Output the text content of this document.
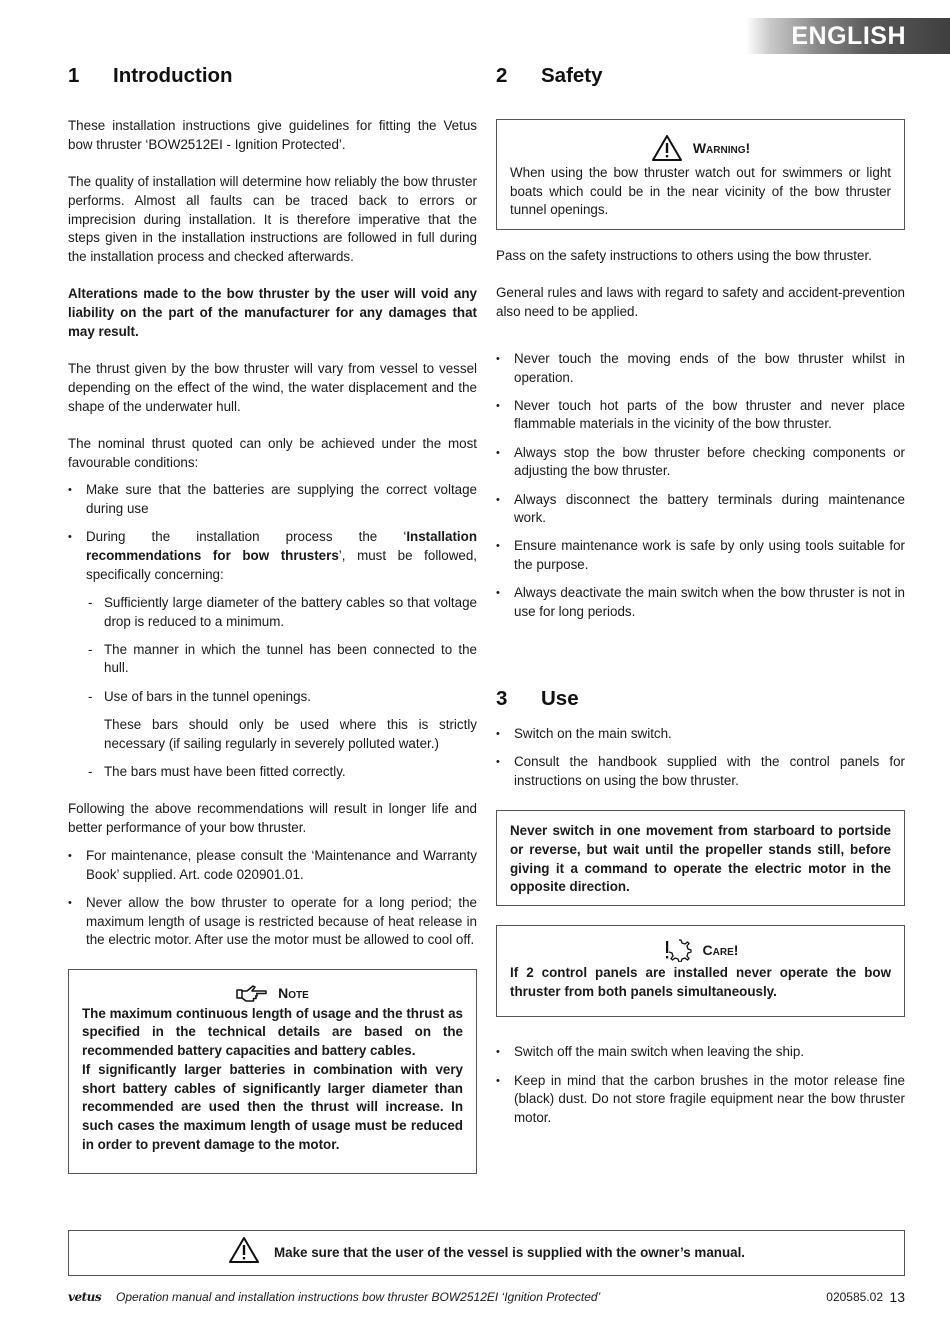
ENGLISH
1	Introduction

These installation instructions give guidelines for fitting the Vetus bow thruster ‘BOW2512EI - Ignition Protected’.

The quality of installation will determine how reliably the bow thruster performs. Almost all faults can be traced back to errors or imprecision during installation. It is therefore imperative that the steps given in the installation instructions are followed in full during the installation process and checked afterwards.

Alterations made to the bow thruster by the user will void any liability on the part of the manufacturer for any damages that may result.

The thrust given by the bow thruster will vary from vessel to vessel depending on the effect of the wind, the water displacement and the shape of the underwater hull.

The nominal thrust quoted can only be achieved under the most favourable conditions:

• Make sure that the batteries are supplying the correct voltage during use
• During the installation process the ‘Installation recommendations for bow thrusters’, must be followed, specifically concerning:
- Sufficiently large diameter of the battery cables so that voltage drop is reduced to a minimum.
- The manner in which the tunnel has been connected to the hull.
- Use of bars in the tunnel openings.

These bars should only be used where this is strictly necessary (if sailing regularly in severely polluted water.)

- The bars must have been fitted correctly.

Following the above recommendations will result in longer life and better performance of your bow thruster.

• For maintenance, please consult the ‘Maintenance and Warranty Book’ supplied. Art. code 020901.01.
• Never allow the bow thruster to operate for a long period; the maximum length of usage is restricted because of heat release in the electric motor. After use the motor must be allowed to cool off.
Note

The maximum continuous length of usage and the thrust as specified in the technical details are based on the recommended battery capacities and battery cables.

If significantly larger batteries in combination with very short battery cables of significantly larger diameter than recommended are used then the thrust will increase. In such cases the maximum length of usage must be reduced in order to prevent damage to the motor.

2	Safety
Warning!

When using the bow thruster watch out for swimmers or light boats which could be in the near vicinity of the bow thruster tunnel openings.

Pass on the safety instructions to others using the bow thruster.

General rules and laws with regard to safety and accident-prevention also need to be applied.

• Never touch the moving ends of the bow thruster whilst in operation.
• Never touch hot parts of the bow thruster and never place flammable materials in the vicinity of the bow thruster.
• Always stop the bow thruster before checking components or adjusting the bow thruster.
• Always disconnect the battery terminals during maintenance work.
• Ensure maintenance work is safe by only using tools suitable for the purpose.
• Always deactivate the main switch when the bow thruster is not in use for long periods.
3	Use
• Switch on the main switch.
• Consult the handbook supplied with the control panels for instructions on using the bow thruster.

Never switch in one movement from starboard to portside or reverse, but wait until the propeller stands still, before giving it a command to operate the electric motor in the opposite direction.

Care!

If 2 control panels are installed never operate the bow thruster from both panels simultaneously.

• Switch off the main switch when leaving the ship.
• Keep in mind that the carbon brushes in the motor release fine (black) dust. Do not store fragile equipment near the bow thruster motor.
Make sure that the user of the vessel is supplied with the owner’s manual.
vetus Operation manual and installation instructions bow thruster BOW2512EI ‘Ignition Protected’	020585.02 13
